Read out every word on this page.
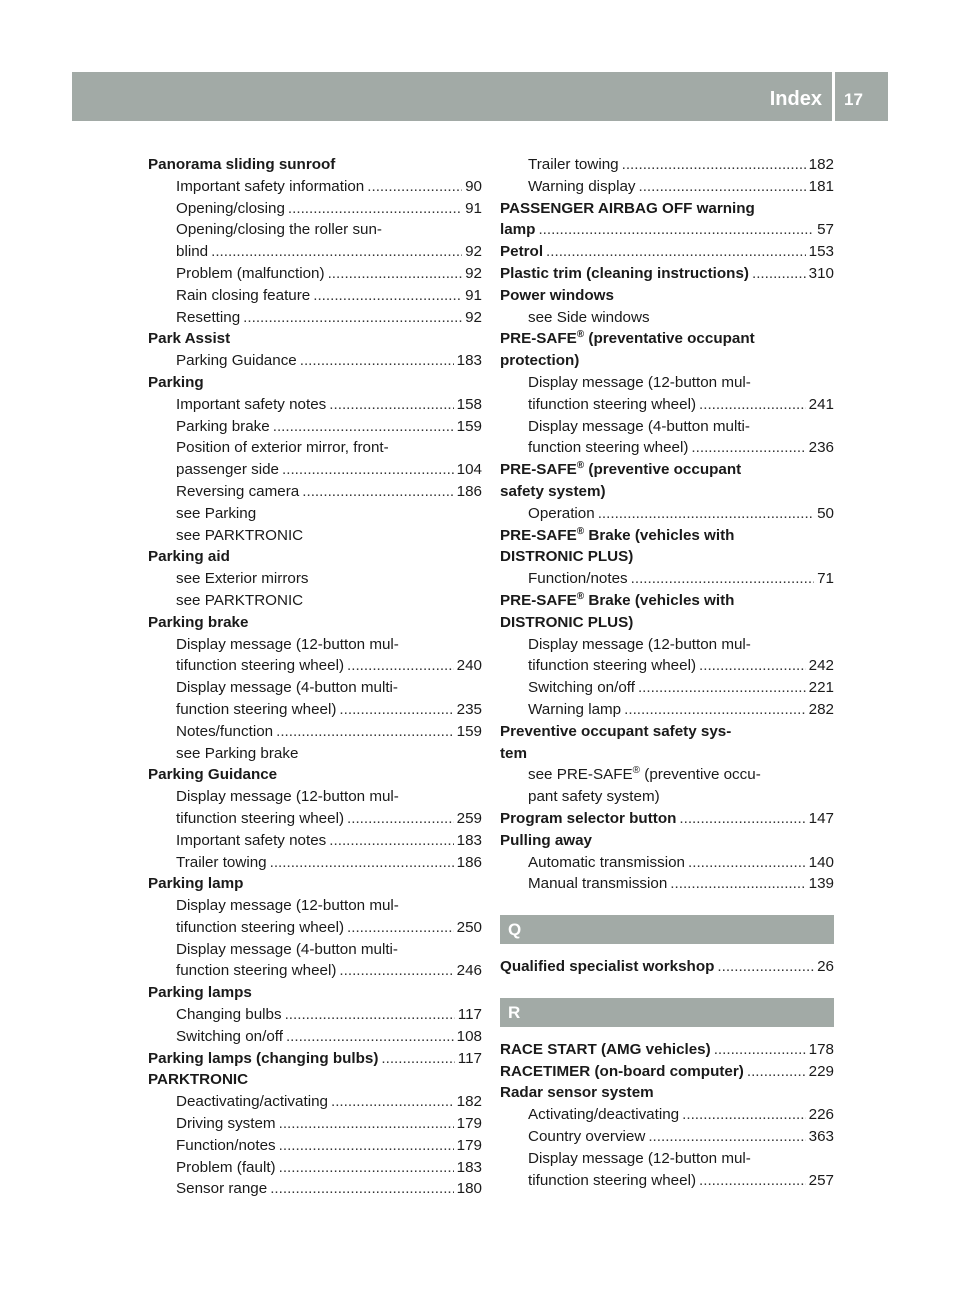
Index 17
Panorama sliding sunroof
Important safety information .....	90
Opening/closing .....	91
Opening/closing the roller sun-
blind .....	92
Problem (malfunction) .....	92
Rain closing feature .....	91
Resetting .....	92
Park Assist
Parking Guidance .....	183
Parking
Important safety notes .....	158
Parking brake .....	159
Position of exterior mirror, front-
passenger side .....	104
Reversing camera .....	186
see Parking
see PARKTRONIC
Parking aid
see Exterior mirrors
see PARKTRONIC
Parking brake
Display message (12-button mul-
tifunction steering wheel) .....	240
Display message (4-button multi-
function steering wheel) .....	235
Notes/function .....	159
see Parking brake
Parking Guidance
Display message (12-button mul-
tifunction steering wheel) .....	259
Important safety notes .....	183
Trailer towing .....	186
Parking lamp
Display message (12-button mul-
tifunction steering wheel) .....	250
Display message (4-button multi-
function steering wheel) .....	246
Parking lamps
Changing bulbs .....	117
Switching on/off .....	108
Parking lamps (changing bulbs) .....	117
PARKTRONIC
Deactivating/activating .....	182
Driving system .....	179
Function/notes .....	179
Problem (fault) .....	183
Sensor range .....	180
Trailer towing .....	182
Warning display .....	181
PASSENGER AIRBAG OFF warning
lamp .....	57
Petrol .....	153
Plastic trim (cleaning instructions) .....	310
Power windows
see Side windows
PRE-SAFE® (preventative occupant
protection)
Display message (12-button mul-
tifunction steering wheel) .....	241
Display message (4-button multi-
function steering wheel) .....	236
PRE-SAFE® (preventive occupant
safety system)
Operation .....	50
PRE-SAFE® Brake (vehicles with
DISTRONIC PLUS)
Function/notes .....	71
PRE-SAFE® Brake (vehicles with
DISTRONIC PLUS)
Display message (12-button mul-
tifunction steering wheel) .....	242
Switching on/off .....	221
Warning lamp .....	282
Preventive occupant safety sys-
tem
see PRE-SAFE® (preventive occu-
pant safety system)
Program selector button .....	147
Pulling away
Automatic transmission .....	140
Manual transmission .....	139
Q
Qualified specialist workshop .....	26
R
RACE START (AMG vehicles) .....	178
RACETIMER (on-board computer) .....	229
Radar sensor system
Activating/deactivating .....	226
Country overview .....	363
Display message (12-button mul-
tifunction steering wheel) .....	257
